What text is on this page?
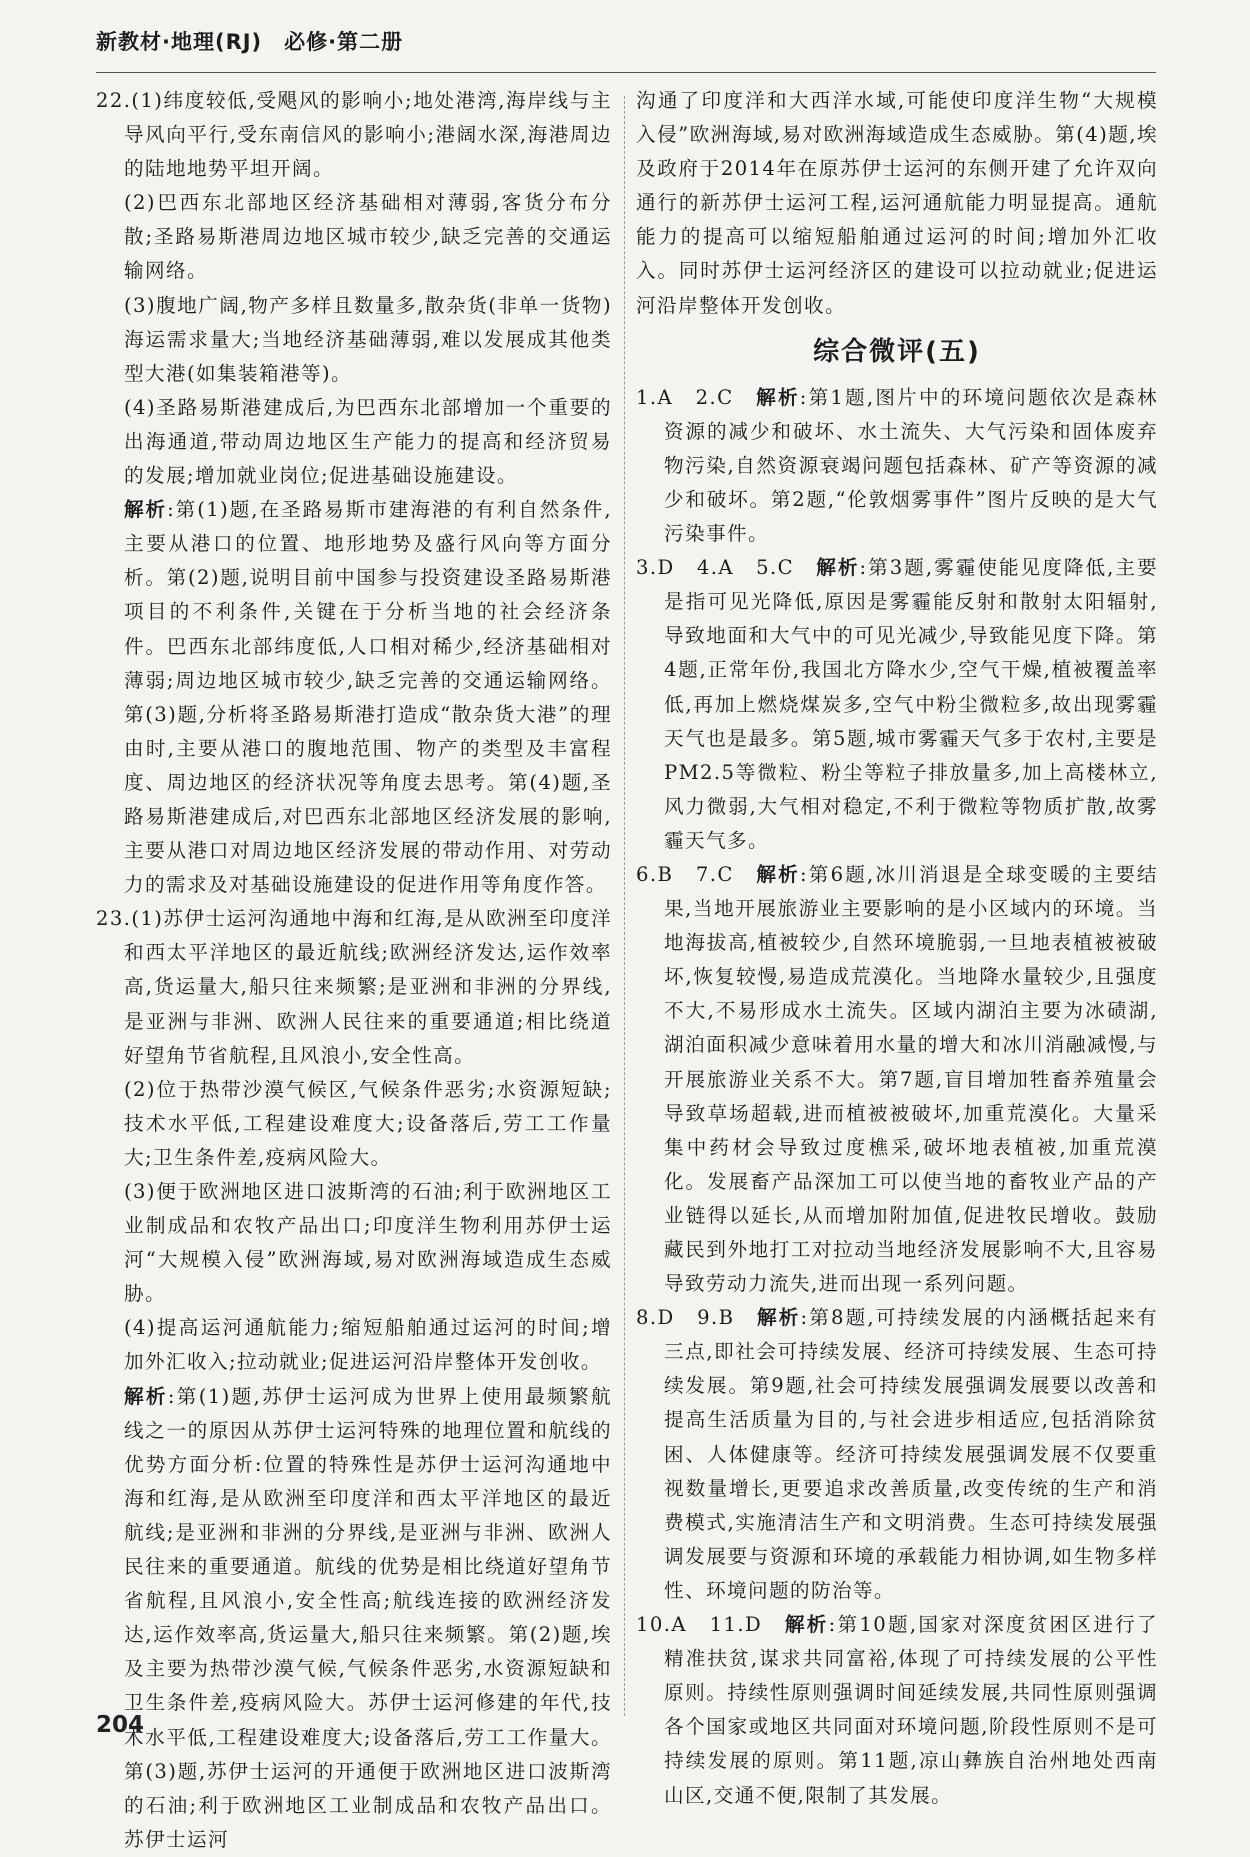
新教材·地理(RJ)　必修·第二册

22.(1)纬度较低,受飓风的影响小;地处港湾,海岸线与主导风向平行,受东南信风的影响小;港阔水深,海港周边的陆地地势平坦开阔。

(2)巴西东北部地区经济基础相对薄弱,客货分布分散;圣路易斯港周边地区城市较少,缺乏完善的交通运输网络。

(3)腹地广阔,物产多样且数量多,散杂货(非单一货物)海运需求量大;当地经济基础薄弱,难以发展成其他类型大港(如集装箱港等)。

(4)圣路易斯港建成后,为巴西东北部增加一个重要的出海通道,带动周边地区生产能力的提高和经济贸易的发展;增加就业岗位;促进基础设施建设。

解析:第(1)题,在圣路易斯市建海港的有利自然条件,主要从港口的位置、地形地势及盛行风向等方面分析。第(2)题,说明目前中国参与投资建设圣路易斯港项目的不利条件,关键在于分析当地的社会经济条件。巴西东北部纬度低,人口相对稀少,经济基础相对薄弱;周边地区城市较少,缺乏完善的交通运输网络。第(3)题,分析将圣路易斯港打造成“散杂货大港”的理由时,主要从港口的腹地范围、物产的类型及丰富程度、周边地区的经济状况等角度去思考。第(4)题,圣路易斯港建成后,对巴西东北部地区经济发展的影响,主要从港口对周边地区经济发展的带动作用、对劳动力的需求及对基础设施建设的促进作用等角度作答。

23.(1)苏伊士运河沟通地中海和红海,是从欧洲至印度洋和西太平洋地区的最近航线;欧洲经济发达,运作效率高,货运量大,船只往来频繁;是亚洲和非洲的分界线,是亚洲与非洲、欧洲人民往来的重要通道;相比绕道好望角节省航程,且风浪小,安全性高。

(2)位于热带沙漠气候区,气候条件恶劣;水资源短缺;技术水平低,工程建设难度大;设备落后,劳工工作量大;卫生条件差,疫病风险大。

(3)便于欧洲地区进口波斯湾的石油;利于欧洲地区工业制成品和农牧产品出口;印度洋生物利用苏伊士运河“大规模入侵”欧洲海域,易对欧洲海域造成生态威胁。

(4)提高运河通航能力;缩短船舶通过运河的时间;增加外汇收入;拉动就业;促进运河沿岸整体开发创收。

解析:第(1)题,苏伊士运河成为世界上使用最频繁航线之一的原因从苏伊士运河特殊的地理位置和航线的优势方面分析:位置的特殊性是苏伊士运河沟通地中海和红海,是从欧洲至印度洋和西太平洋地区的最近航线;是亚洲和非洲的分界线,是亚洲与非洲、欧洲人民往来的重要通道。航线的优势是相比绕道好望角节省航程,且风浪小,安全性高;航线连接的欧洲经济发达,运作效率高,货运量大,船只往来频繁。第(2)题,埃及主要为热带沙漠气候,气候条件恶劣,水资源短缺和卫生条件差,疫病风险大。苏伊士运河修建的年代,技术水平低,工程建设难度大;设备落后,劳工工作量大。第(3)题,苏伊士运河的开通便于欧洲地区进口波斯湾的石油;利于欧洲地区工业制成品和农牧产品出口。苏伊士运河

沟通了印度洋和大西洋水域,可能使印度洋生物“大规模入侵”欧洲海域,易对欧洲海域造成生态威胁。第(4)题,埃及政府于2014年在原苏伊士运河的东侧开建了允许双向通行的新苏伊士运河工程,运河通航能力明显提高。通航能力的提高可以缩短船舶通过运河的时间;增加外汇收入。同时苏伊士运河经济区的建设可以拉动就业;促进运河沿岸整体开发创收。

综合微评(五)

1.A　2.C　解析:第1题,图片中的环境问题依次是森林资源的减少和破坏、水土流失、大气污染和固体废弃物污染,自然资源衰竭问题包括森林、矿产等资源的减少和破坏。第2题,“伦敦烟雾事件”图片反映的是大气污染事件。

3.D　4.A　5.C　解析:第3题,雾霾使能见度降低,主要是指可见光降低,原因是雾霾能反射和散射太阳辐射,导致地面和大气中的可见光减少,导致能见度下降。第4题,正常年份,我国北方降水少,空气干燥,植被覆盖率低,再加上燃烧煤炭多,空气中粉尘微粒多,故出现雾霾天气也是最多。第5题,城市雾霾天气多于农村,主要是PM2.5等微粒、粉尘等粒子排放量多,加上高楼林立,风力微弱,大气相对稳定,不利于微粒等物质扩散,故雾霾天气多。

6.B　7.C　解析:第6题,冰川消退是全球变暖的主要结果,当地开展旅游业主要影响的是小区域内的环境。当地海拔高,植被较少,自然环境脆弱,一旦地表植被被破坏,恢复较慢,易造成荒漠化。当地降水量较少,且强度不大,不易形成水土流失。区域内湖泊主要为冰碛湖,湖泊面积减少意味着用水量的增大和冰川消融减慢,与开展旅游业关系不大。第7题,盲目增加牲畜养殖量会导致草场超载,进而植被被破坏,加重荒漠化。大量采集中药材会导致过度樵采,破坏地表植被,加重荒漠化。发展畜产品深加工可以使当地的畜牧业产品的产业链得以延长,从而增加附加值,促进牧民增收。鼓励藏民到外地打工对拉动当地经济发展影响不大,且容易导致劳动力流失,进而出现一系列问题。

8.D　9.B　解析:第8题,可持续发展的内涵概括起来有三点,即社会可持续发展、经济可持续发展、生态可持续发展。第9题,社会可持续发展强调发展要以改善和提高生活质量为目的,与社会进步相适应,包括消除贫困、人体健康等。经济可持续发展强调发展不仅要重视数量增长,更要追求改善质量,改变传统的生产和消费模式,实施清洁生产和文明消费。生态可持续发展强调发展要与资源和环境的承载能力相协调,如生物多样性、环境问题的防治等。

10.A　11.D　解析:第10题,国家对深度贫困区进行了精准扶贫,谋求共同富裕,体现了可持续发展的公平性原则。持续性原则强调时间延续发展,共同性原则强调各个国家或地区共同面对环境问题,阶段性原则不是可持续发展的原则。第11题,凉山彝族自治州地处西南山区,交通不便,限制了其发展。

204
